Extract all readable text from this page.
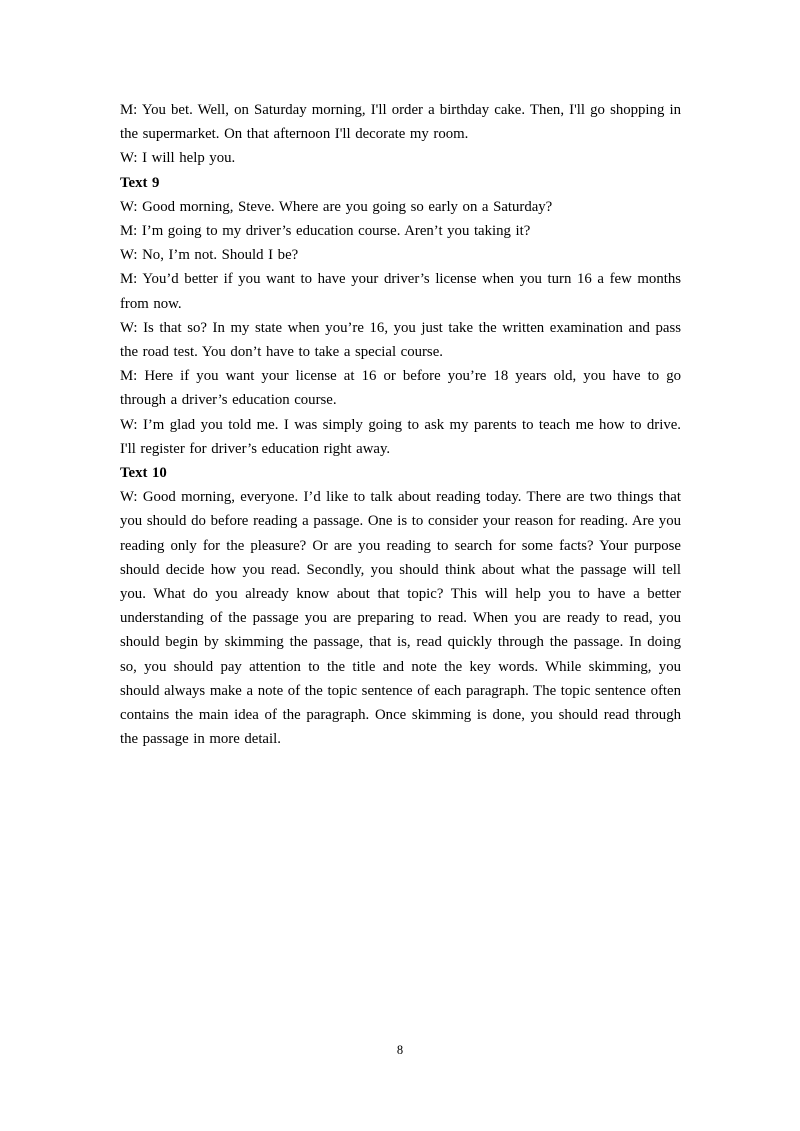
M: You bet. Well, on Saturday morning, I'll order a birthday cake. Then, I'll go shopping in the supermarket. On that afternoon I'll decorate my room.

W: I will help you.

Text 9

W: Good morning, Steve. Where are you going so early on a Saturday?

M: I’m going to my driver’s education course. Aren’t you taking it?

W: No, I’m not. Should I be?

M: You’d better if you want to have your driver’s license when you turn 16 a few months from now.

W: Is that so? In my state when you’re 16, you just take the written examination and pass the road test. You don’t have to take a special course.

M: Here if you want your license at 16 or before you’re 18 years old, you have to go through a driver’s education course.

W: I’m glad you told me. I was simply going to ask my parents to teach me how to drive. I'll register for driver’s education right away.

Text 10

W: Good morning, everyone. I’d like to talk about reading today. There are two things that you should do before reading a passage. One is to consider your reason for reading. Are you reading only for the pleasure? Or are you reading to search for some facts? Your purpose should decide how you read. Secondly, you should think about what the passage will tell you. What do you already know about that topic? This will help you to have a better understanding of the passage you are preparing to read. When you are ready to read, you should begin by skimming the passage, that is, read quickly through the passage. In doing so, you should pay attention to the title and note the key words. While skimming, you should always make a note of the topic sentence of each paragraph. The topic sentence often contains the main idea of the paragraph. Once skimming is done, you should read through the passage in more detail.

8
